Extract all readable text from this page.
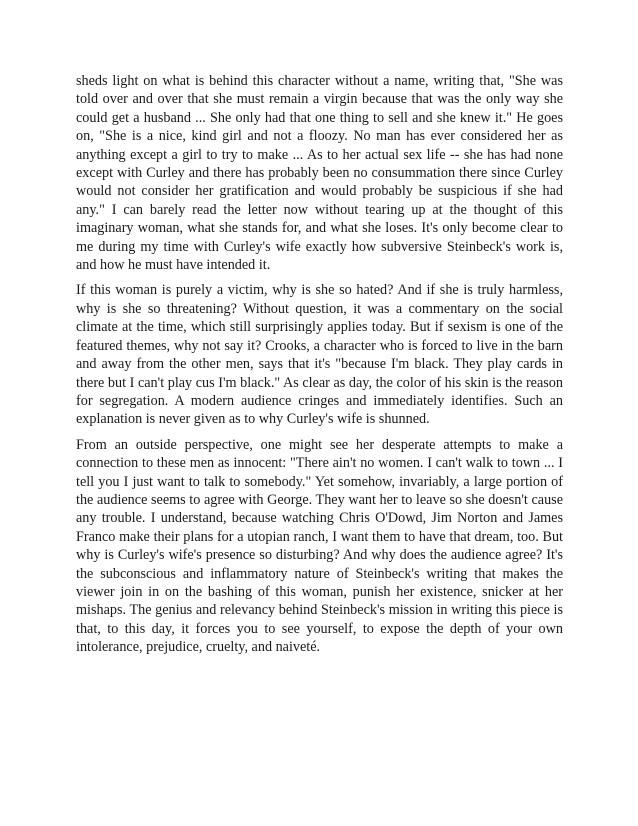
sheds light on what is behind this character without a name, writing that, "She was told over and over that she must remain a virgin because that was the only way she could get a husband ... She only had that one thing to sell and she knew it." He goes on, "She is a nice, kind girl and not a floozy. No man has ever considered her as anything except a girl to try to make ... As to her actual sex life -- she has had none except with Curley and there has probably been no consummation there since Curley would not consider her gratification and would probably be suspicious if she had any." I can barely read the letter now without tearing up at the thought of this imaginary woman, what she stands for, and what she loses. It's only become clear to me during my time with Curley's wife exactly how subversive Steinbeck's work is, and how he must have intended it.

If this woman is purely a victim, why is she so hated? And if she is truly harmless, why is she so threatening? Without question, it was a commentary on the social climate at the time, which still surprisingly applies today. But if sexism is one of the featured themes, why not say it? Crooks, a character who is forced to live in the barn and away from the other men, says that it's "because I'm black. They play cards in there but I can't play cus I'm black." As clear as day, the color of his skin is the reason for segregation. A modern audience cringes and immediately identifies. Such an explanation is never given as to why Curley's wife is shunned.

From an outside perspective, one might see her desperate attempts to make a connection to these men as innocent: "There ain't no women. I can't walk to town ... I tell you I just want to talk to somebody." Yet somehow, invariably, a large portion of the audience seems to agree with George. They want her to leave so she doesn't cause any trouble. I understand, because watching Chris O'Dowd, Jim Norton and James Franco make their plans for a utopian ranch, I want them to have that dream, too. But why is Curley's wife's presence so disturbing? And why does the audience agree? It's the subconscious and inflammatory nature of Steinbeck's writing that makes the viewer join in on the bashing of this woman, punish her existence, snicker at her mishaps. The genius and relevancy behind Steinbeck's mission in writing this piece is that, to this day, it forces you to see yourself, to expose the depth of your own intolerance, prejudice, cruelty, and naiveté.
